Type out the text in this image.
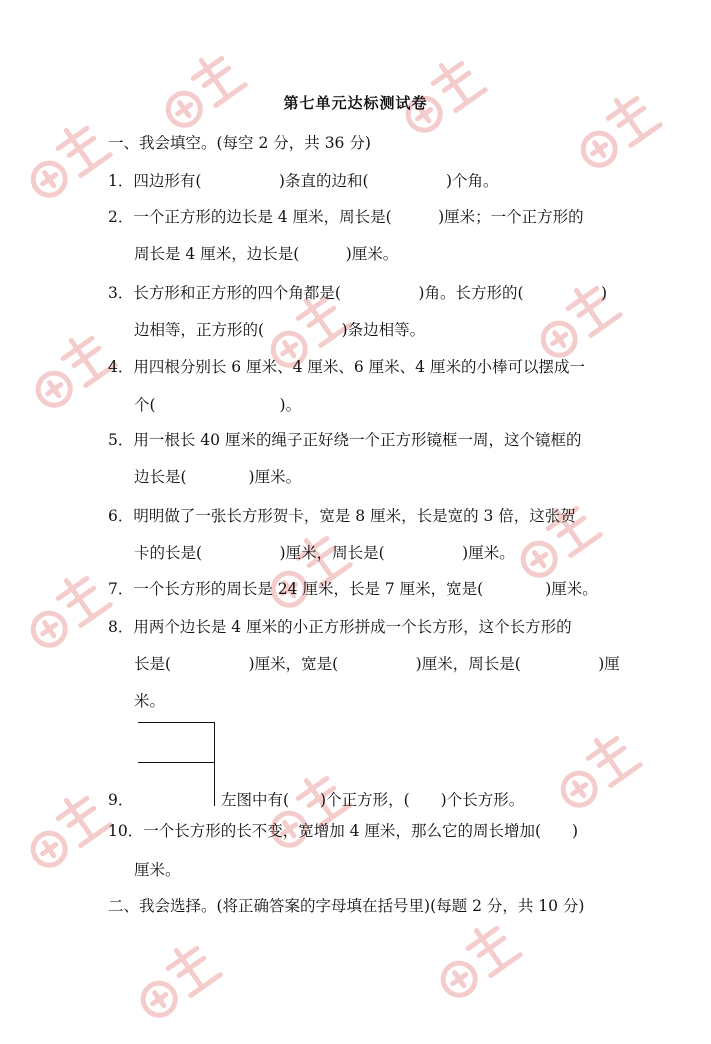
第七单元达标测试卷
一、我会填空。(每空 2 分，共 36 分)
1．四边形有(　　　　　)条直的边和(　　　　　)个角。
2．一个正方形的边长是 4 厘米，周长是(　　　)厘米；一个正方形的
周长是 4 厘米，边长是(　　　)厘米。
3．长方形和正方形的四个角都是(　　　　　)角。长方形的(　　　　　)
边相等，正方形的(　　　　　)条边相等。
4．用四根分别长 6 厘米、4 厘米、6 厘米、4 厘米的小棒可以摆成一
个(　　　　　　　　)。
5．用一根长 40 厘米的绳子正好绕一个正方形镜框一周，这个镜框的
边长是(　　　　)厘米。
6．明明做了一张长方形贺卡，宽是 8 厘米，长是宽的 3 倍，这张贺
卡的长是(　　　　　)厘米，周长是(　　　　　)厘米。
7．一个长方形的周长是 24 厘米，长是 7 厘米，宽是(　　　　)厘米。
8．用两个边长是 4 厘米的小正方形拼成一个长方形，这个长方形的
长是(　　　　　)厘米，宽是(　　　　　)厘米，周长是(　　　　　)厘
米。
9．	左图中有(　　)个正方形，(　　)个长方形。
10．一个长方形的长不变，宽增加 4 厘米，那么它的周长增加(　　)
厘米。
二、我会选择。(将正确答案的字母填在括号里)(每题 2 分，共 10 分)
